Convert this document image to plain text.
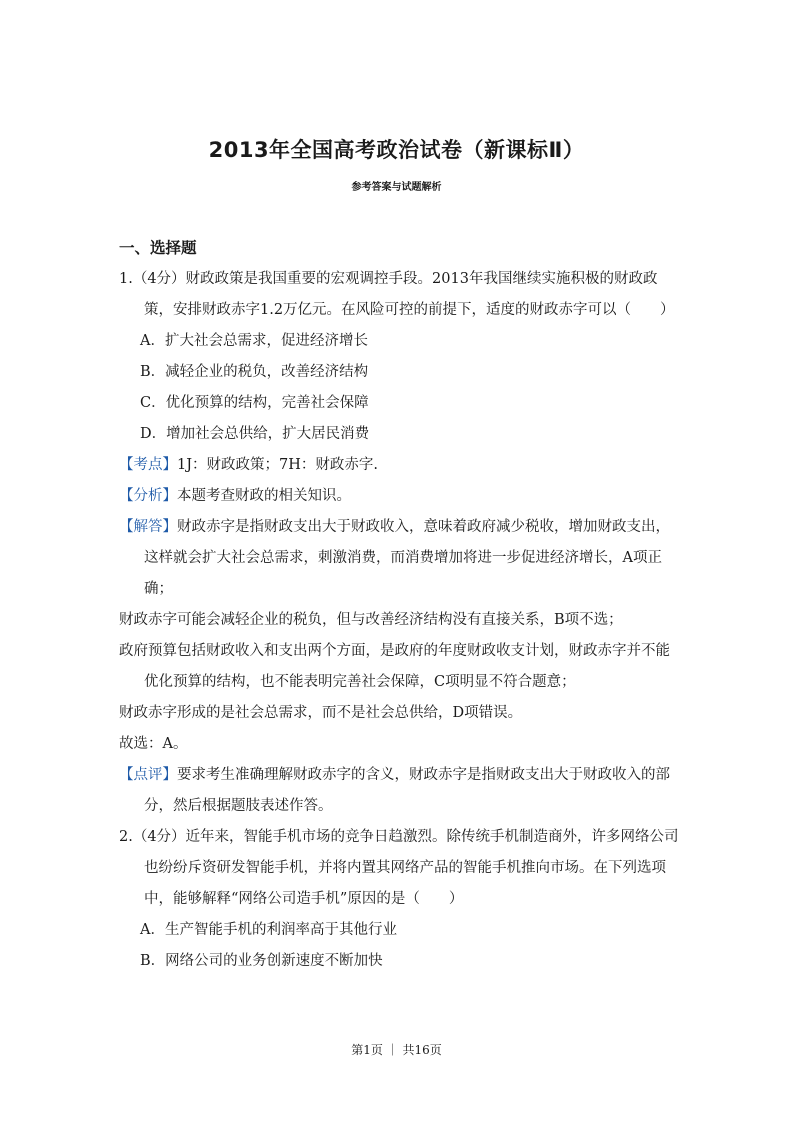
2013年全国高考政治试卷（新课标Ⅱ）
参考答案与试题解析
一、选择题
1.（4分）财政政策是我国重要的宏观调控手段。2013年我国继续实施积极的财政政策，安排财政赤字1.2万亿元。在风险可控的前提下，适度的财政赤字可以（　　）
A．扩大社会总需求，促进经济增长
B．减轻企业的税负，改善经济结构
C．优化预算的结构，完善社会保障
D．增加社会总供给，扩大居民消费
【考点】1J：财政政策；7H：财政赤字.
【分析】本题考查财政的相关知识。
【解答】财政赤字是指财政支出大于财政收入，意味着政府减少税收，增加财政支出，这样就会扩大社会总需求，刺激消费，而消费增加将进一步促进经济增长，A项正确；
财政赤字可能会减轻企业的税负，但与改善经济结构没有直接关系，B项不选；
政府预算包括财政收入和支出两个方面，是政府的年度财政收支计划，财政赤字并不能优化预算的结构，也不能表明完善社会保障，C项明显不符合题意；
财政赤字形成的是社会总需求，而不是社会总供给，D项错误。
故选：A。
【点评】要求考生准确理解财政赤字的含义，财政赤字是指财政支出大于财政收入的部分，然后根据题肢表述作答。
2.（4分）近年来，智能手机市场的竞争日趋激烈。除传统手机制造商外，许多网络公司也纷纷斥资研发智能手机，并将内置其网络产品的智能手机推向市场。在下列选项中，能够解释“网络公司造手机”原因的是（　　）
A．生产智能手机的利润率高于其他行业
B．网络公司的业务创新速度不断加快
第1页 ｜ 共16页
